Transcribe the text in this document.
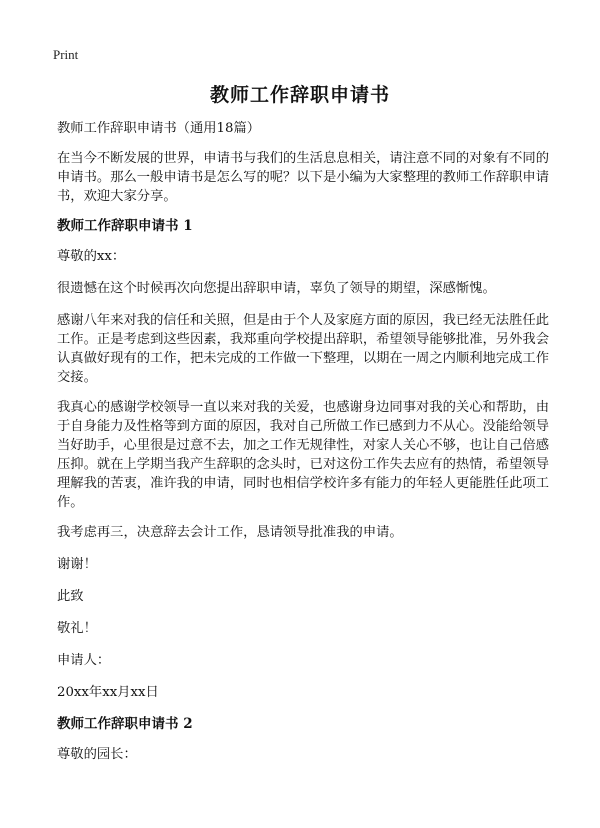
Print
教师工作辞职申请书

教师工作辞职申请书（通用18篇）

在当今不断发展的世界，申请书与我们的生活息息相关，请注意不同的对象有不同的申请书。那么一般申请书是怎么写的呢？以下是小编为大家整理的教师工作辞职申请书，欢迎大家分享。

教师工作辞职申请书 1

尊敬的xx：

很遗憾在这个时候再次向您提出辞职申请，辜负了领导的期望，深感惭愧。

感谢八年来对我的信任和关照，但是由于个人及家庭方面的原因，我已经无法胜任此工作。正是考虑到这些因素，我郑重向学校提出辞职，希望领导能够批准，另外我会认真做好现有的工作，把未完成的工作做一下整理，以期在一周之内顺利地完成工作交接。

我真心的感谢学校领导一直以来对我的关爱，也感谢身边同事对我的关心和帮助，由于自身能力及性格等到方面的原因，我对自己所做工作已感到力不从心。没能给领导当好助手，心里很是过意不去，加之工作无规律性，对家人关心不够，也让自己倍感压抑。就在上学期当我产生辞职的念头时，已对这份工作失去应有的热情，希望领导理解我的苦衷，准许我的申请，同时也相信学校许多有能力的年轻人更能胜任此项工作。

我考虑再三，决意辞去会计工作，恳请领导批准我的申请。

谢谢！

此致

敬礼！

申请人：

20xx年xx月xx日

教师工作辞职申请书 2

尊敬的园长：
